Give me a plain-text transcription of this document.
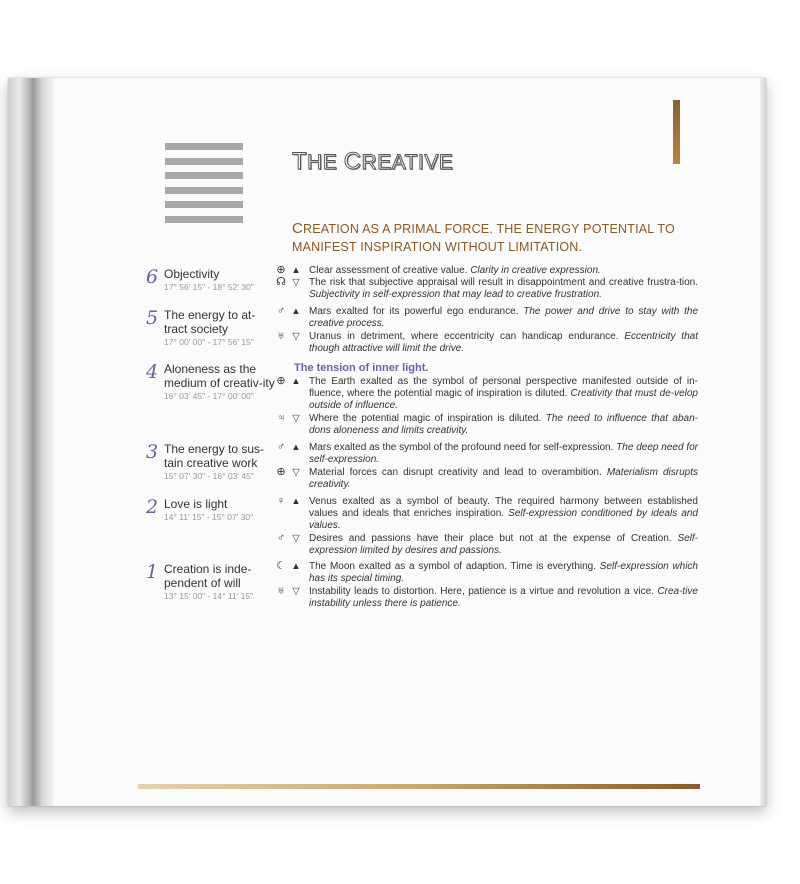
THE CREATIVE
CREATION AS A PRIMAL FORCE. THE ENERGY POTENTIAL TO MANIFEST INSPIRATION WITHOUT LIMITATION.
6 Objectivity
17° 56' 15" - 18° 52' 30"
5 The energy to at-tract society
17° 00' 00" - 17° 56' 15"
4 Aloneness as the medium of creativ-ity
16° 03' 45" - 17° 00' 00"
3 The energy to sus-tain creative work
15° 07' 30" - 16° 03' 45"
2 Love is light
14° 11' 15" - 15° 07' 30"
1 Creation is inde-pendent of will
13° 15' 00" - 14° 11' 15"
⊕ ▲ Clear assessment of creative value. Clarity in creative expression.
☊ ▽ The risk that subjective appraisal will result in disappointment and creative frustra-tion. Subjectivity in self-expression that may lead to creative frustration.
♂ ▲ Mars exalted for its powerful ego endurance. The power and drive to stay with the creative process.
♅ ▽ Uranus in detriment, where eccentricity can handicap endurance. Eccentricity that though attractive will limit the drive.
The tension of inner light.
⊕ ▲ The Earth exalted as the symbol of personal perspective manifested outside of in-fluence, where the potential magic of inspiration is diluted. Creativity that must de-velop outside of influence.
♃ ▽ Where the potential magic of inspiration is diluted. The need to influence that aban-dons aloneness and limits creativity.
♂ ▲ Mars exalted as the symbol of the profound need for self-expression. The deep need for self-expression.
⊕ ▽ Material forces can disrupt creativity and lead to overambition. Materialism disrupts creativity.
♀ ▲ Venus exalted as a symbol of beauty. The required harmony between established values and ideals that enriches inspiration. Self-expression conditioned by ideals and values.
♂ ▽ Desires and passions have their place but not at the expense of Creation. Self-expression limited by desires and passions.
☾ ▲ The Moon exalted as a symbol of adaption. Time is everything. Self-expression which has its special timing.
♅ ▽ Instability leads to distortion. Here, patience is a virtue and revolution a vice. Crea-tive instability unless there is patience.
